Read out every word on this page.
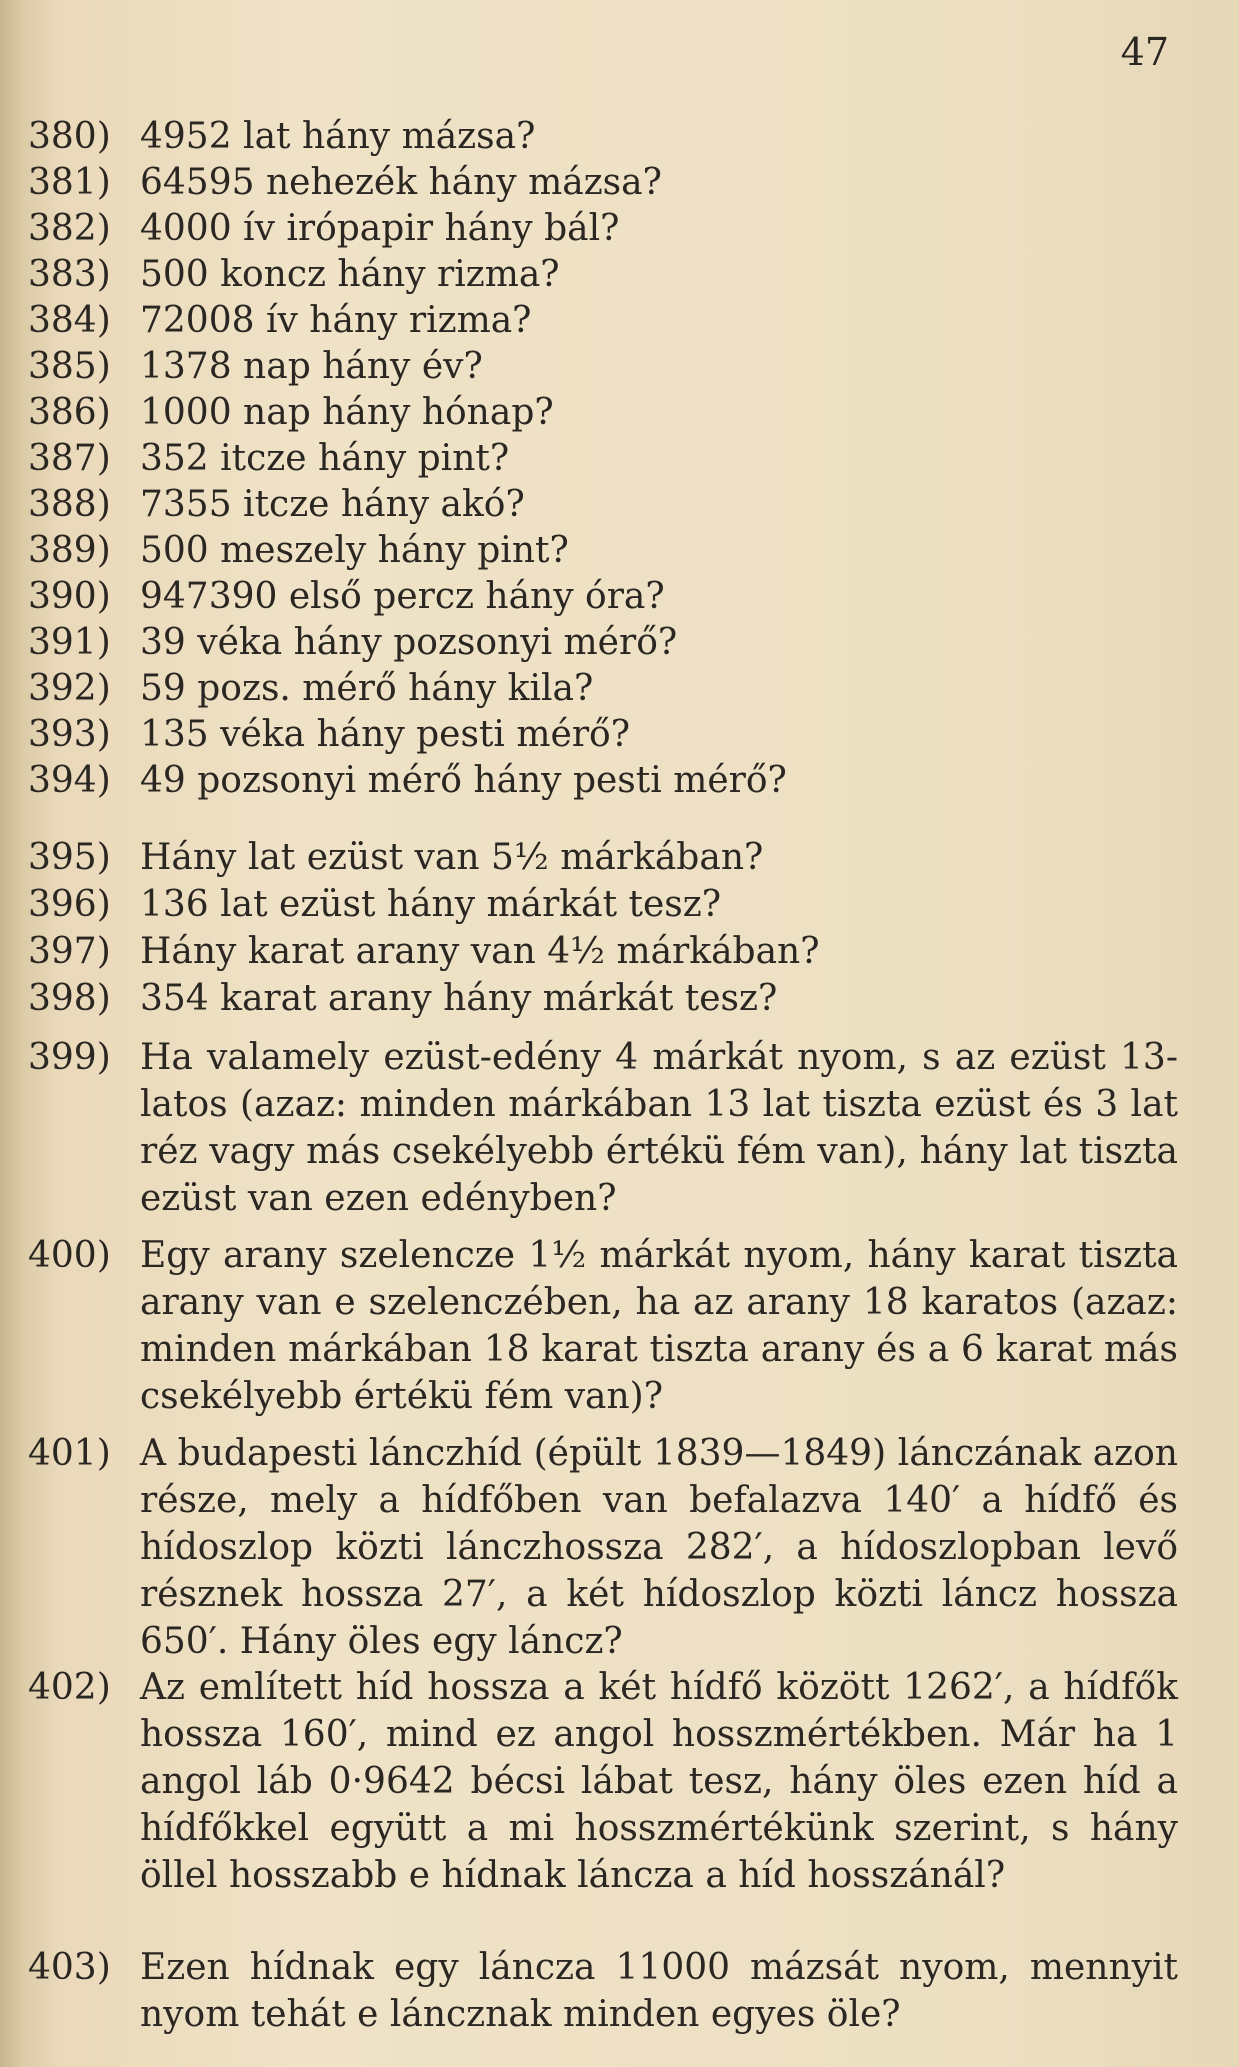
47
380) 4952 lat hány mázsa?
381) 64595 nehezék hány mázsa?
382) 4000 ív irópapir hány bál?
383) 500 koncz hány rizma?
384) 72008 ív hány rizma?
385) 1378 nap hány év?
386) 1000 nap hány hónap?
387) 352 itcze hány pint?
388) 7355 itcze hány akó?
389) 500 meszely hány pint?
390) 947390 első percz hány óra?
391) 39 véka hány pozsonyi mérő?
392) 59 pozs. mérő hány kila?
393) 135 véka hány pesti mérő?
394) 49 pozsonyi mérő hány pesti mérő?
395) Hány lat ezüst van 5½ márkában?
396) 136 lat ezüst hány márkát tesz?
397) Hány karat arany van 4½ márkában?
398) 354 karat arany hány márkát tesz?
399) Ha valamely ezüst-edény 4 márkát nyom, s az ezüst 13-latos (azaz: minden márkában 13 lat tiszta ezüst és 3 lat réz vagy más csekélyebb értékü fém van), hány lat tiszta ezüst van ezen edényben?
400) Egy arany szelencze 1½ márkát nyom, hány karat tiszta arany van e szelenczében, ha az arany 18 karatos (azaz: minden márkában 18 karat tiszta arany és a 6 karat más csekélyebb értékü fém van)?
401) A budapesti lánczhíd (épült 1839—1849) lánczának azon része, mely a hídfőben van befalazva 140′ a hídfő és hídoszlop közti lánczhossza 282′, a hídoszlopban levő résznek hossza 27′, a két hídoszlop közti láncz hossza 650′. Hány öles egy láncz?
402) Az említett híd hossza a két hídfő között 1262′, a hídfők hossza 160′, mind ez angol hosszmértékben. Már ha 1 angol láb 0·9642 bécsi lábat tesz, hány öles ezen híd a hídfőkkel együtt a mi hosszmértékünk szerint, s hány öllel hosszabb e hídnak láncza a híd hosszánál?
403) Ezen hídnak egy láncza 11000 mázsát nyom, mennyit nyom tehát e láncznak minden egyes öle?
